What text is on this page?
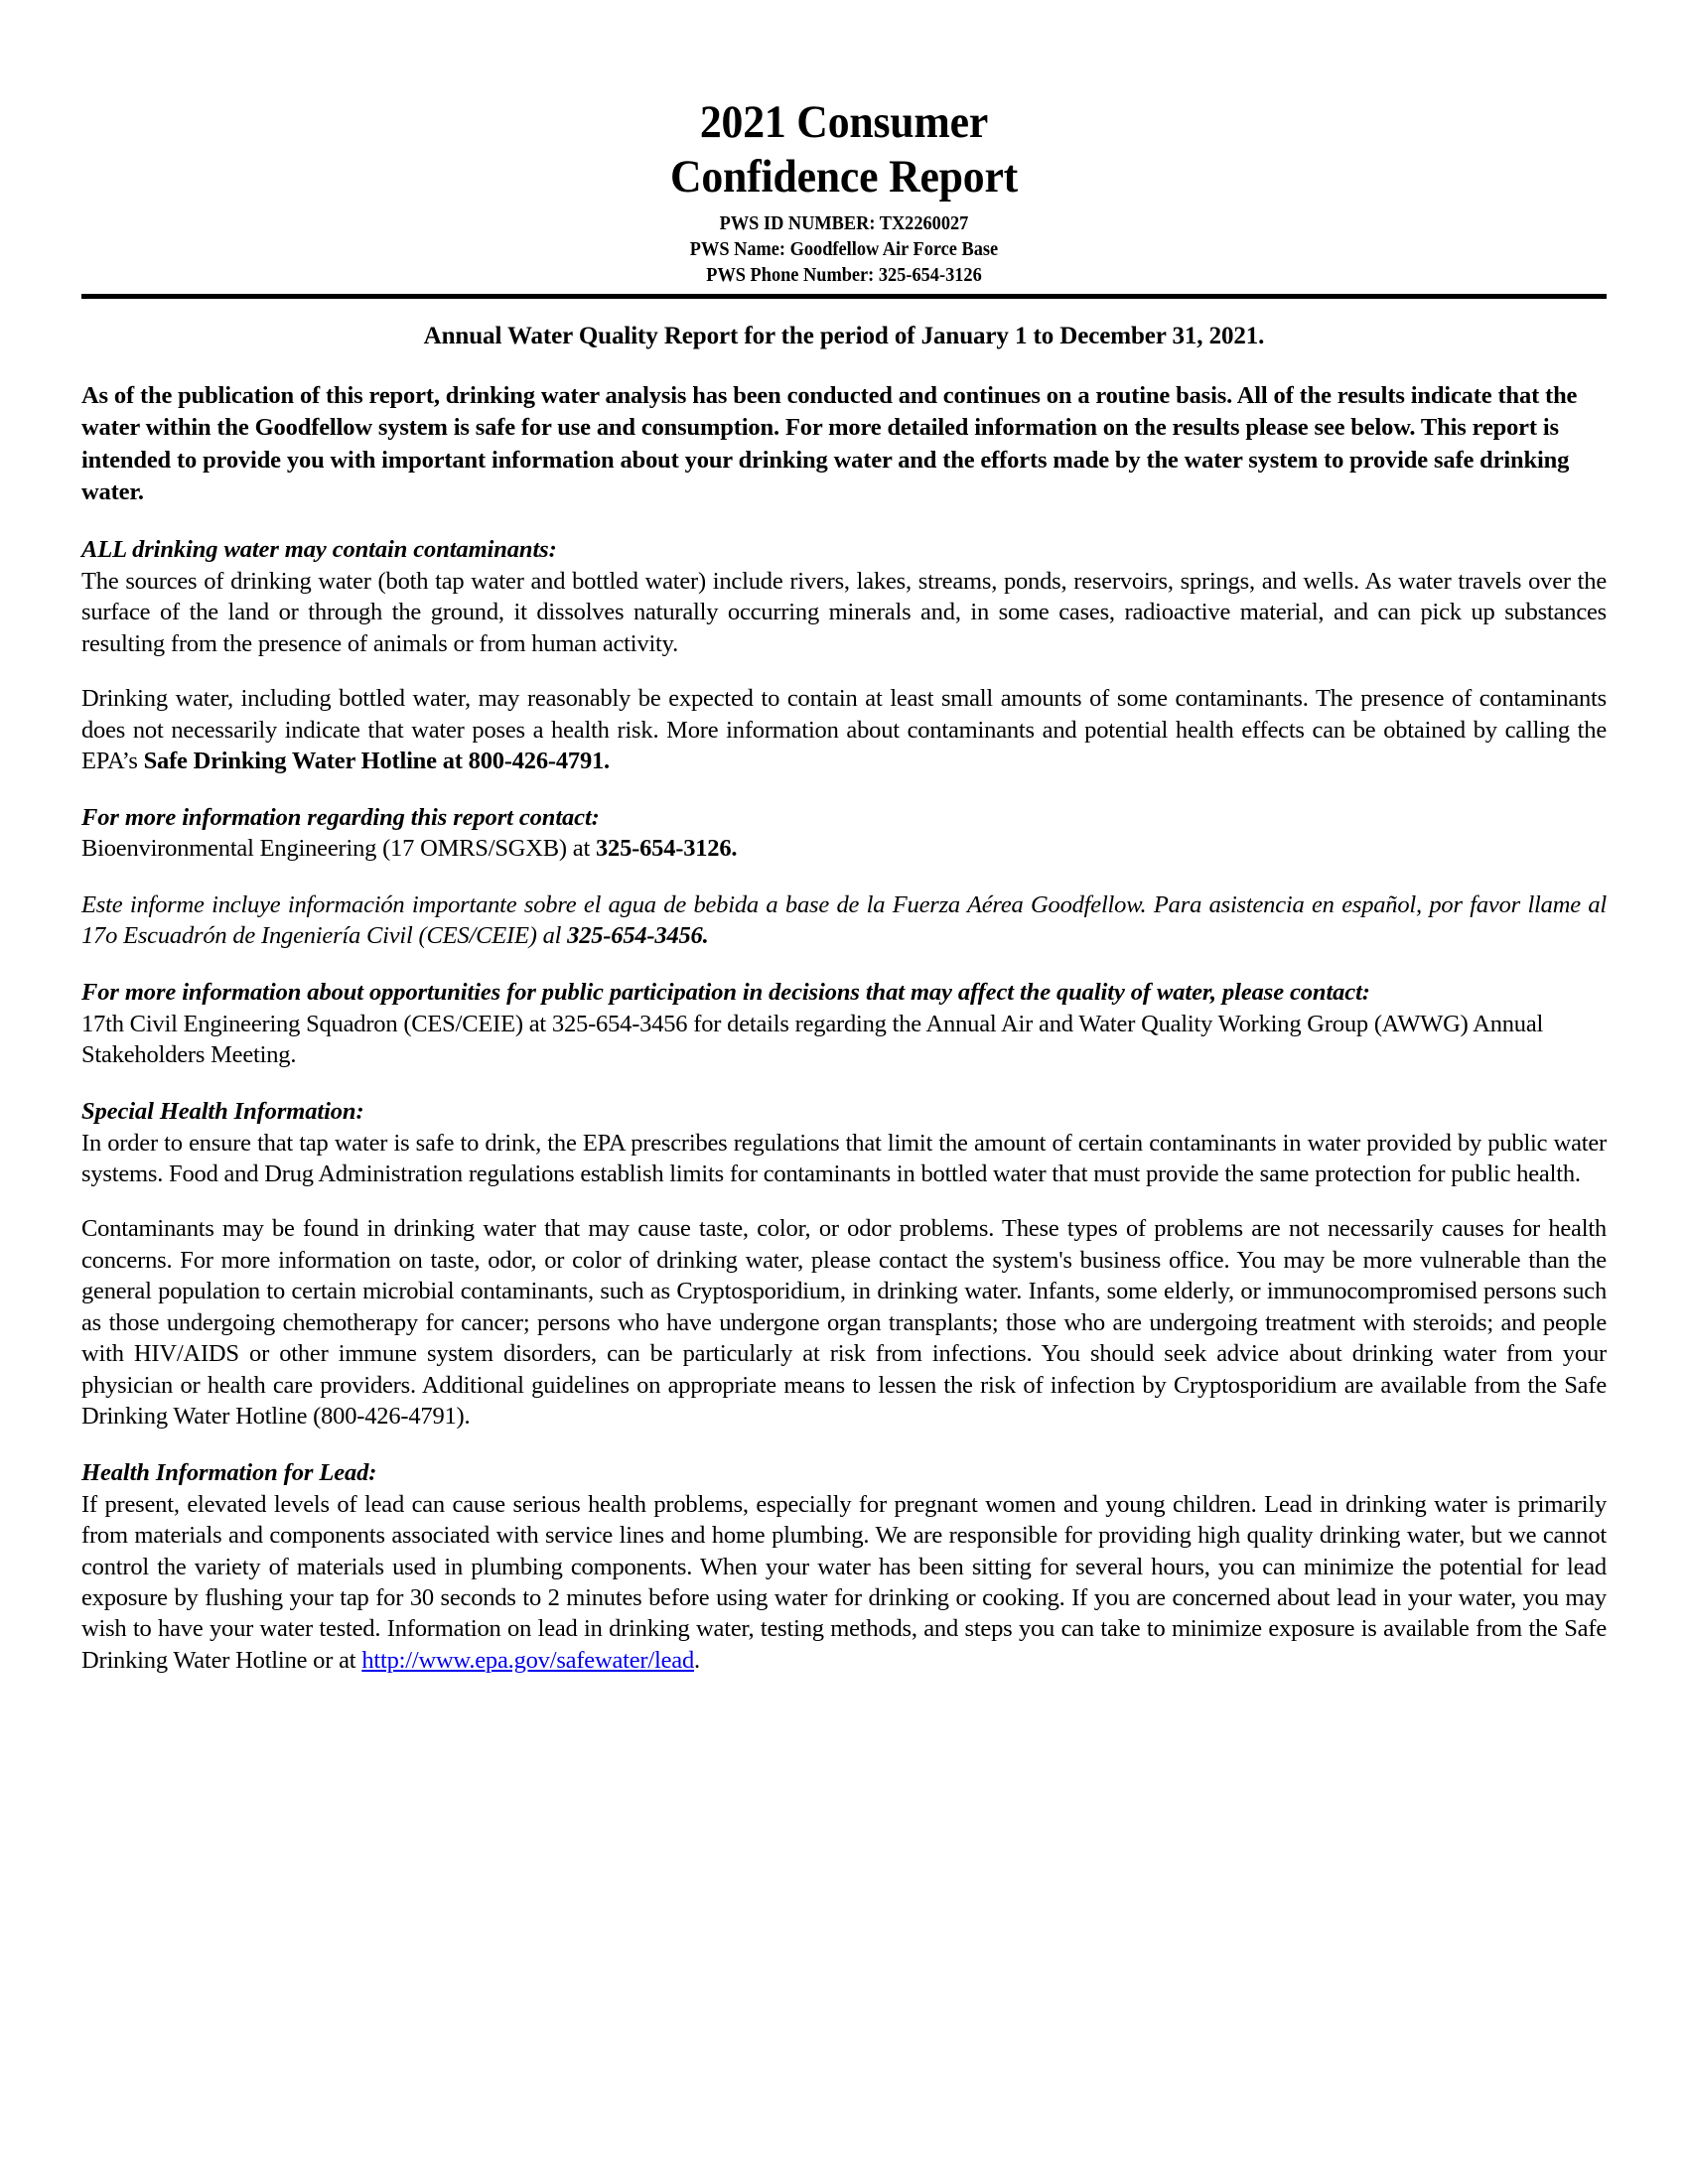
2021 Consumer
Confidence Report
PWS ID NUMBER: TX2260027
PWS Name: Goodfellow Air Force Base
PWS Phone Number: 325-654-3126

Annual Water Quality Report for the period of January 1 to December 31, 2021.

As of the publication of this report, drinking water analysis has been conducted and continues on a routine basis. All of the results indicate that the water within the Goodfellow system is safe for use and consumption. For more detailed information on the results please see below. This report is intended to provide you with important information about your drinking water and the efforts made by the water system to provide safe drinking water.

ALL drinking water may contain contaminants:

The sources of drinking water (both tap water and bottled water) include rivers, lakes, streams, ponds, reservoirs, springs, and wells. As water travels over the surface of the land or through the ground, it dissolves naturally occurring minerals and, in some cases, radioactive material, and can pick up substances resulting from the presence of animals or from human activity.

Drinking water, including bottled water, may reasonably be expected to contain at least small amounts of some contaminants. The presence of contaminants does not necessarily indicate that water poses a health risk. More information about contaminants and potential health effects can be obtained by calling the EPA’s Safe Drinking Water Hotline at 800-426-4791.

For more information regarding this report contact:

Bioenvironmental Engineering (17 OMRS/SGXB) at 325-654-3126.

Este informe incluye información importante sobre el agua de bebida a base de la Fuerza Aérea Goodfellow. Para asistencia en español, por favor llame al 17o Escuadrón de Ingeniería Civil (CES/CEIE) al 325-654-3456.

For more information about opportunities for public participation in decisions that may affect the quality of water, please contact:

17th Civil Engineering Squadron (CES/CEIE) at 325-654-3456 for details regarding the Annual Air and Water Quality Working Group (AWWG) Annual Stakeholders Meeting.

Special Health Information:

In order to ensure that tap water is safe to drink, the EPA prescribes regulations that limit the amount of certain contaminants in water provided by public water systems. Food and Drug Administration regulations establish limits for contaminants in bottled water that must provide the same protection for public health.

Contaminants may be found in drinking water that may cause taste, color, or odor problems. These types of problems are not necessarily causes for health concerns. For more information on taste, odor, or color of drinking water, please contact the system's business office. You may be more vulnerable than the general population to certain microbial contaminants, such as Cryptosporidium, in drinking water. Infants, some elderly, or immunocompromised persons such as those undergoing chemotherapy for cancer; persons who have undergone organ transplants; those who are undergoing treatment with steroids; and people with HIV/AIDS or other immune system disorders, can be particularly at risk from infections. You should seek advice about drinking water from your physician or health care providers. Additional guidelines on appropriate means to lessen the risk of infection by Cryptosporidium are available from the Safe Drinking Water Hotline (800-426-4791).

Health Information for Lead:

If present, elevated levels of lead can cause serious health problems, especially for pregnant women and young children. Lead in drinking water is primarily from materials and components associated with service lines and home plumbing. We are responsible for providing high quality drinking water, but we cannot control the variety of materials used in plumbing components. When your water has been sitting for several hours, you can minimize the potential for lead exposure by flushing your tap for 30 seconds to 2 minutes before using water for drinking or cooking. If you are concerned about lead in your water, you may wish to have your water tested. Information on lead in drinking water, testing methods, and steps you can take to minimize exposure is available from the Safe Drinking Water Hotline or at http://www.epa.gov/safewater/lead.
